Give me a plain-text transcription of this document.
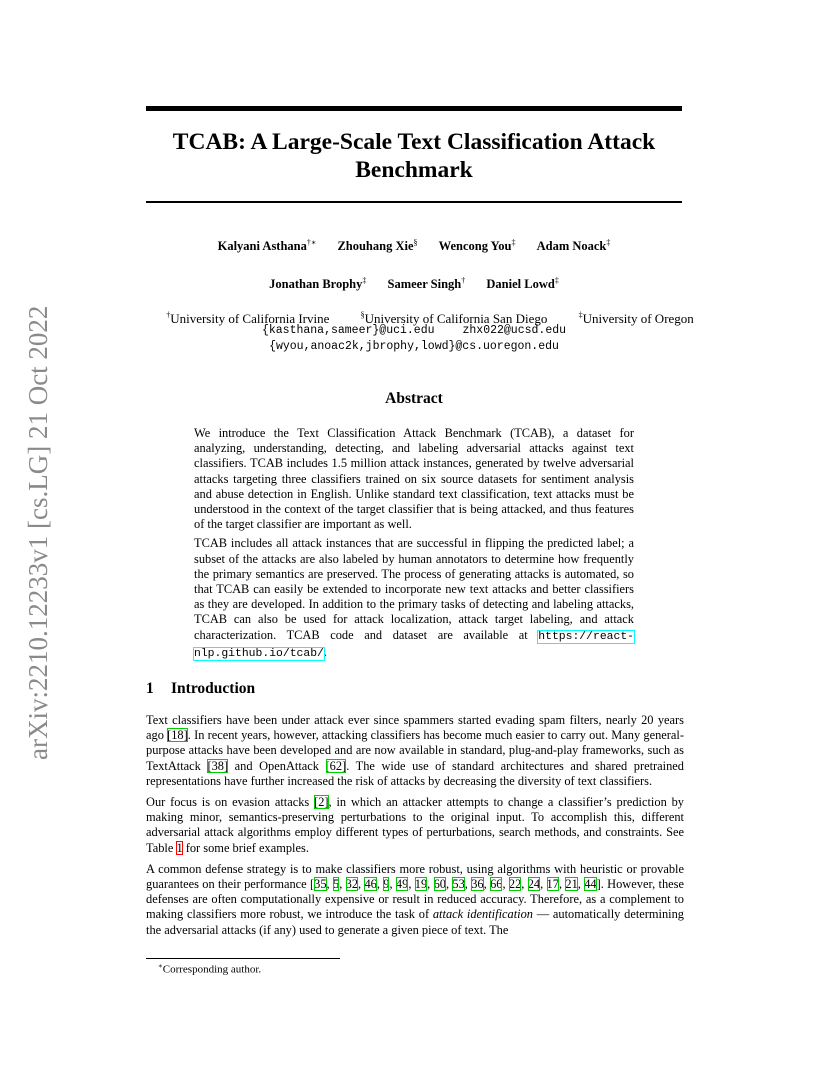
arXiv:2210.12233v1 [cs.LG] 21 Oct 2022
TCAB: A Large-Scale Text Classification Attack
Benchmark
Kalyani Asthana†∗ Zhouhang Xie§ Wencong You‡ Adam Noack‡
Jonathan Brophy‡ Sameer Singh† Daniel Lowd‡
†University of California Irvine	§University of California San Diego	‡University of Oregon
{kasthana,sameer}@uci.edu zhx022@ucsd.edu
{wyou,anoac2k,jbrophy,lowd}@cs.uoregon.edu
Abstract

We introduce the Text Classification Attack Benchmark (TCAB), a dataset for analyzing, understanding, detecting, and labeling adversarial attacks against text classifiers. TCAB includes 1.5 million attack instances, generated by twelve adversarial attacks targeting three classifiers trained on six source datasets for sentiment analysis and abuse detection in English. Unlike standard text classification, text attacks must be understood in the context of the target classifier that is being attacked, and thus features of the target classifier are important as well.

TCAB includes all attack instances that are successful in flipping the predicted label; a subset of the attacks are also labeled by human annotators to determine how frequently the primary semantics are preserved. The process of generating attacks is automated, so that TCAB can easily be extended to incorporate new text attacks and better classifiers as they are developed. In addition to the primary tasks of detecting and labeling attacks, TCAB can also be used for attack localization, attack target labeling, and attack characterization. TCAB code and dataset are available at https://react-nlp.github.io/tcab/.

1 Introduction

Text classifiers have been under attack ever since spammers started evading spam filters, nearly 20 years ago [18]. In recent years, however, attacking classifiers has become much easier to carry out. Many general-purpose attacks have been developed and are now available in standard, plug-and-play frameworks, such as TextAttack [38] and OpenAttack [62]. The wide use of standard architectures and shared pretrained representations have further increased the risk of attacks by decreasing the diversity of text classifiers.

Our focus is on evasion attacks [2], in which an attacker attempts to change a classifier’s prediction by making minor, semantics-preserving perturbations to the original input. To accomplish this, different adversarial attack algorithms employ different types of perturbations, search methods, and constraints. See Table 1 for some brief examples.

A common defense strategy is to make classifiers more robust, using algorithms with heuristic or provable guarantees on their performance [35, 5, 32, 46, 9, 49, 19, 60, 53, 36, 66, 22, 24, 17, 21, 44]. However, these defenses are often computationally expensive or result in reduced accuracy. Therefore, as a complement to making classifiers more robust, we introduce the task of attack identification — automatically determining the adversarial attacks (if any) used to generate a given piece of text. The

∗Corresponding author.
